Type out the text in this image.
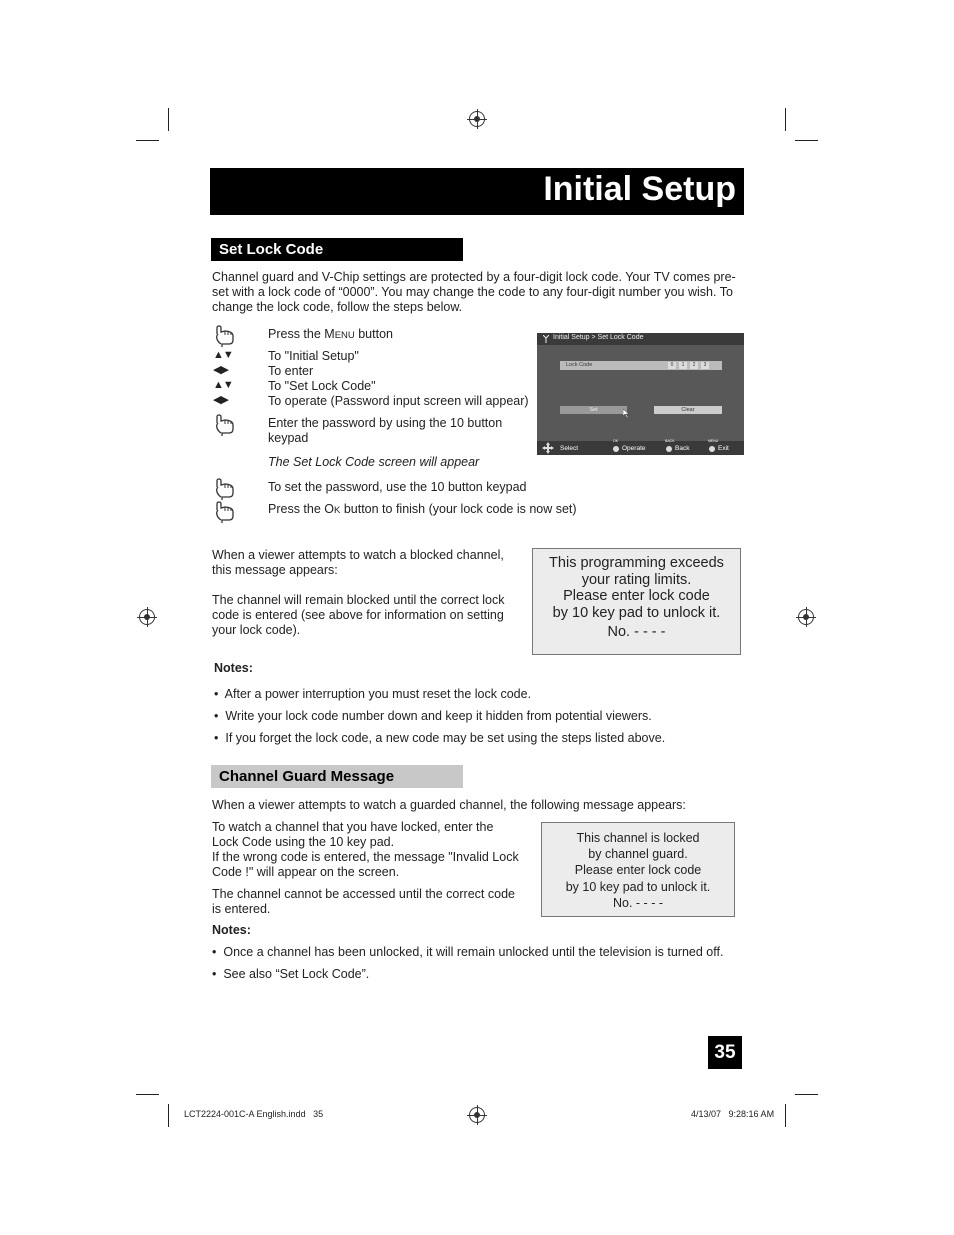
Initial Setup
Set Lock Code
Channel guard and V-Chip settings are protected by a four-digit lock code. Your TV comes pre-
set with a lock code of “0000”. You may change the code to any four-digit number you wish. To
change the lock code, follow the steps below.
▲▼
◀▶
▲▼
◀▶
Press the MENU button
To "Initial Setup"
To enter
To "Set Lock Code"
To operate (Password input screen will appear)
Enter the password by using the 10 button
keypad
The Set Lock Code screen will appear
To set the password, use the 10 button keypad
Press the OK button to finish (your lock code is now set)
Initial Setup > Set Lock Code
Lock Code	0	1	2	3
Set	Clear
Select
OK
Operate
BACK
Back
MENU
Exit
When a viewer attempts to watch a blocked channel,
this message appears:
The channel will remain blocked until the correct lock
code is entered (see above for information on setting
your lock code).
This programming exceeds
your rating limits.
Please enter lock code
by 10 key pad to unlock it.
No. - - - -
Notes:
• After a power interruption you must reset the lock code.
• Write your lock code number down and keep it hidden from potential viewers.
• If you forget the lock code, a new code may be set using the steps listed above.
Channel Guard Message
When a viewer attempts to watch a guarded channel, the following message appears:
To watch a channel that you have locked, enter the
Lock Code using the 10 key pad.
If the wrong code is entered, the message "Invalid Lock
Code !" will appear on the screen.
The channel cannot be accessed until the correct code
is entered.
This channel is locked
by channel guard.
Please enter lock code
by 10 key pad to unlock it.
No. - - - -
Notes:
• Once a channel has been unlocked, it will remain unlocked until the television is turned off.
• See also “Set Lock Code”.
35
LCT2224-001C-A English.indd   35	4/13/07   9:28:16 AM
